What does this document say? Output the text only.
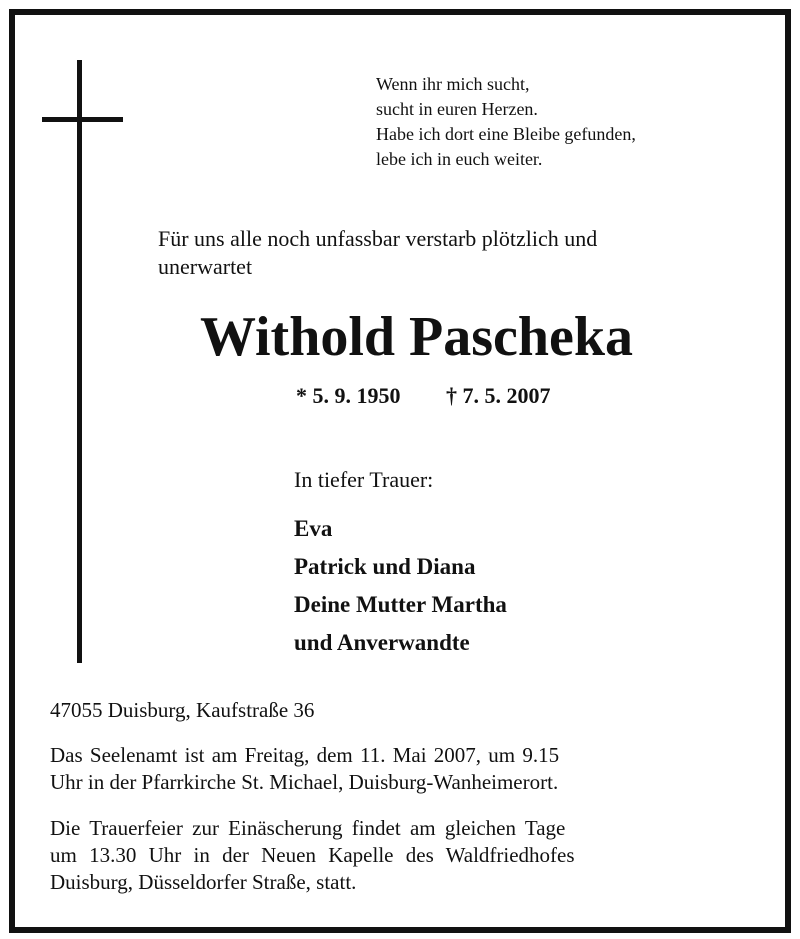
Wenn ihr mich sucht,
sucht in euren Herzen.
Habe ich dort eine Bleibe gefunden,
lebe ich in euch weiter.
Für uns alle noch unfassbar verstarb plötzlich und
unerwartet
Withold Pascheka
* 5. 9. 1950 † 7. 5. 2007
In tiefer Trauer:
Eva
Patrick und Diana
Deine Mutter Martha
und Anverwandte
47055 Duisburg, Kaufstraße 36
Das Seelenamt ist am Freitag, dem 11. Mai 2007, um 9.15
Uhr in der Pfarrkirche St. Michael, Duisburg-Wanheimerort.
Die Trauerfeier zur Einäscherung findet am gleichen Tage
um 13.30 Uhr in der Neuen Kapelle des Waldfriedhofes
Duisburg, Düsseldorfer Straße, statt.
